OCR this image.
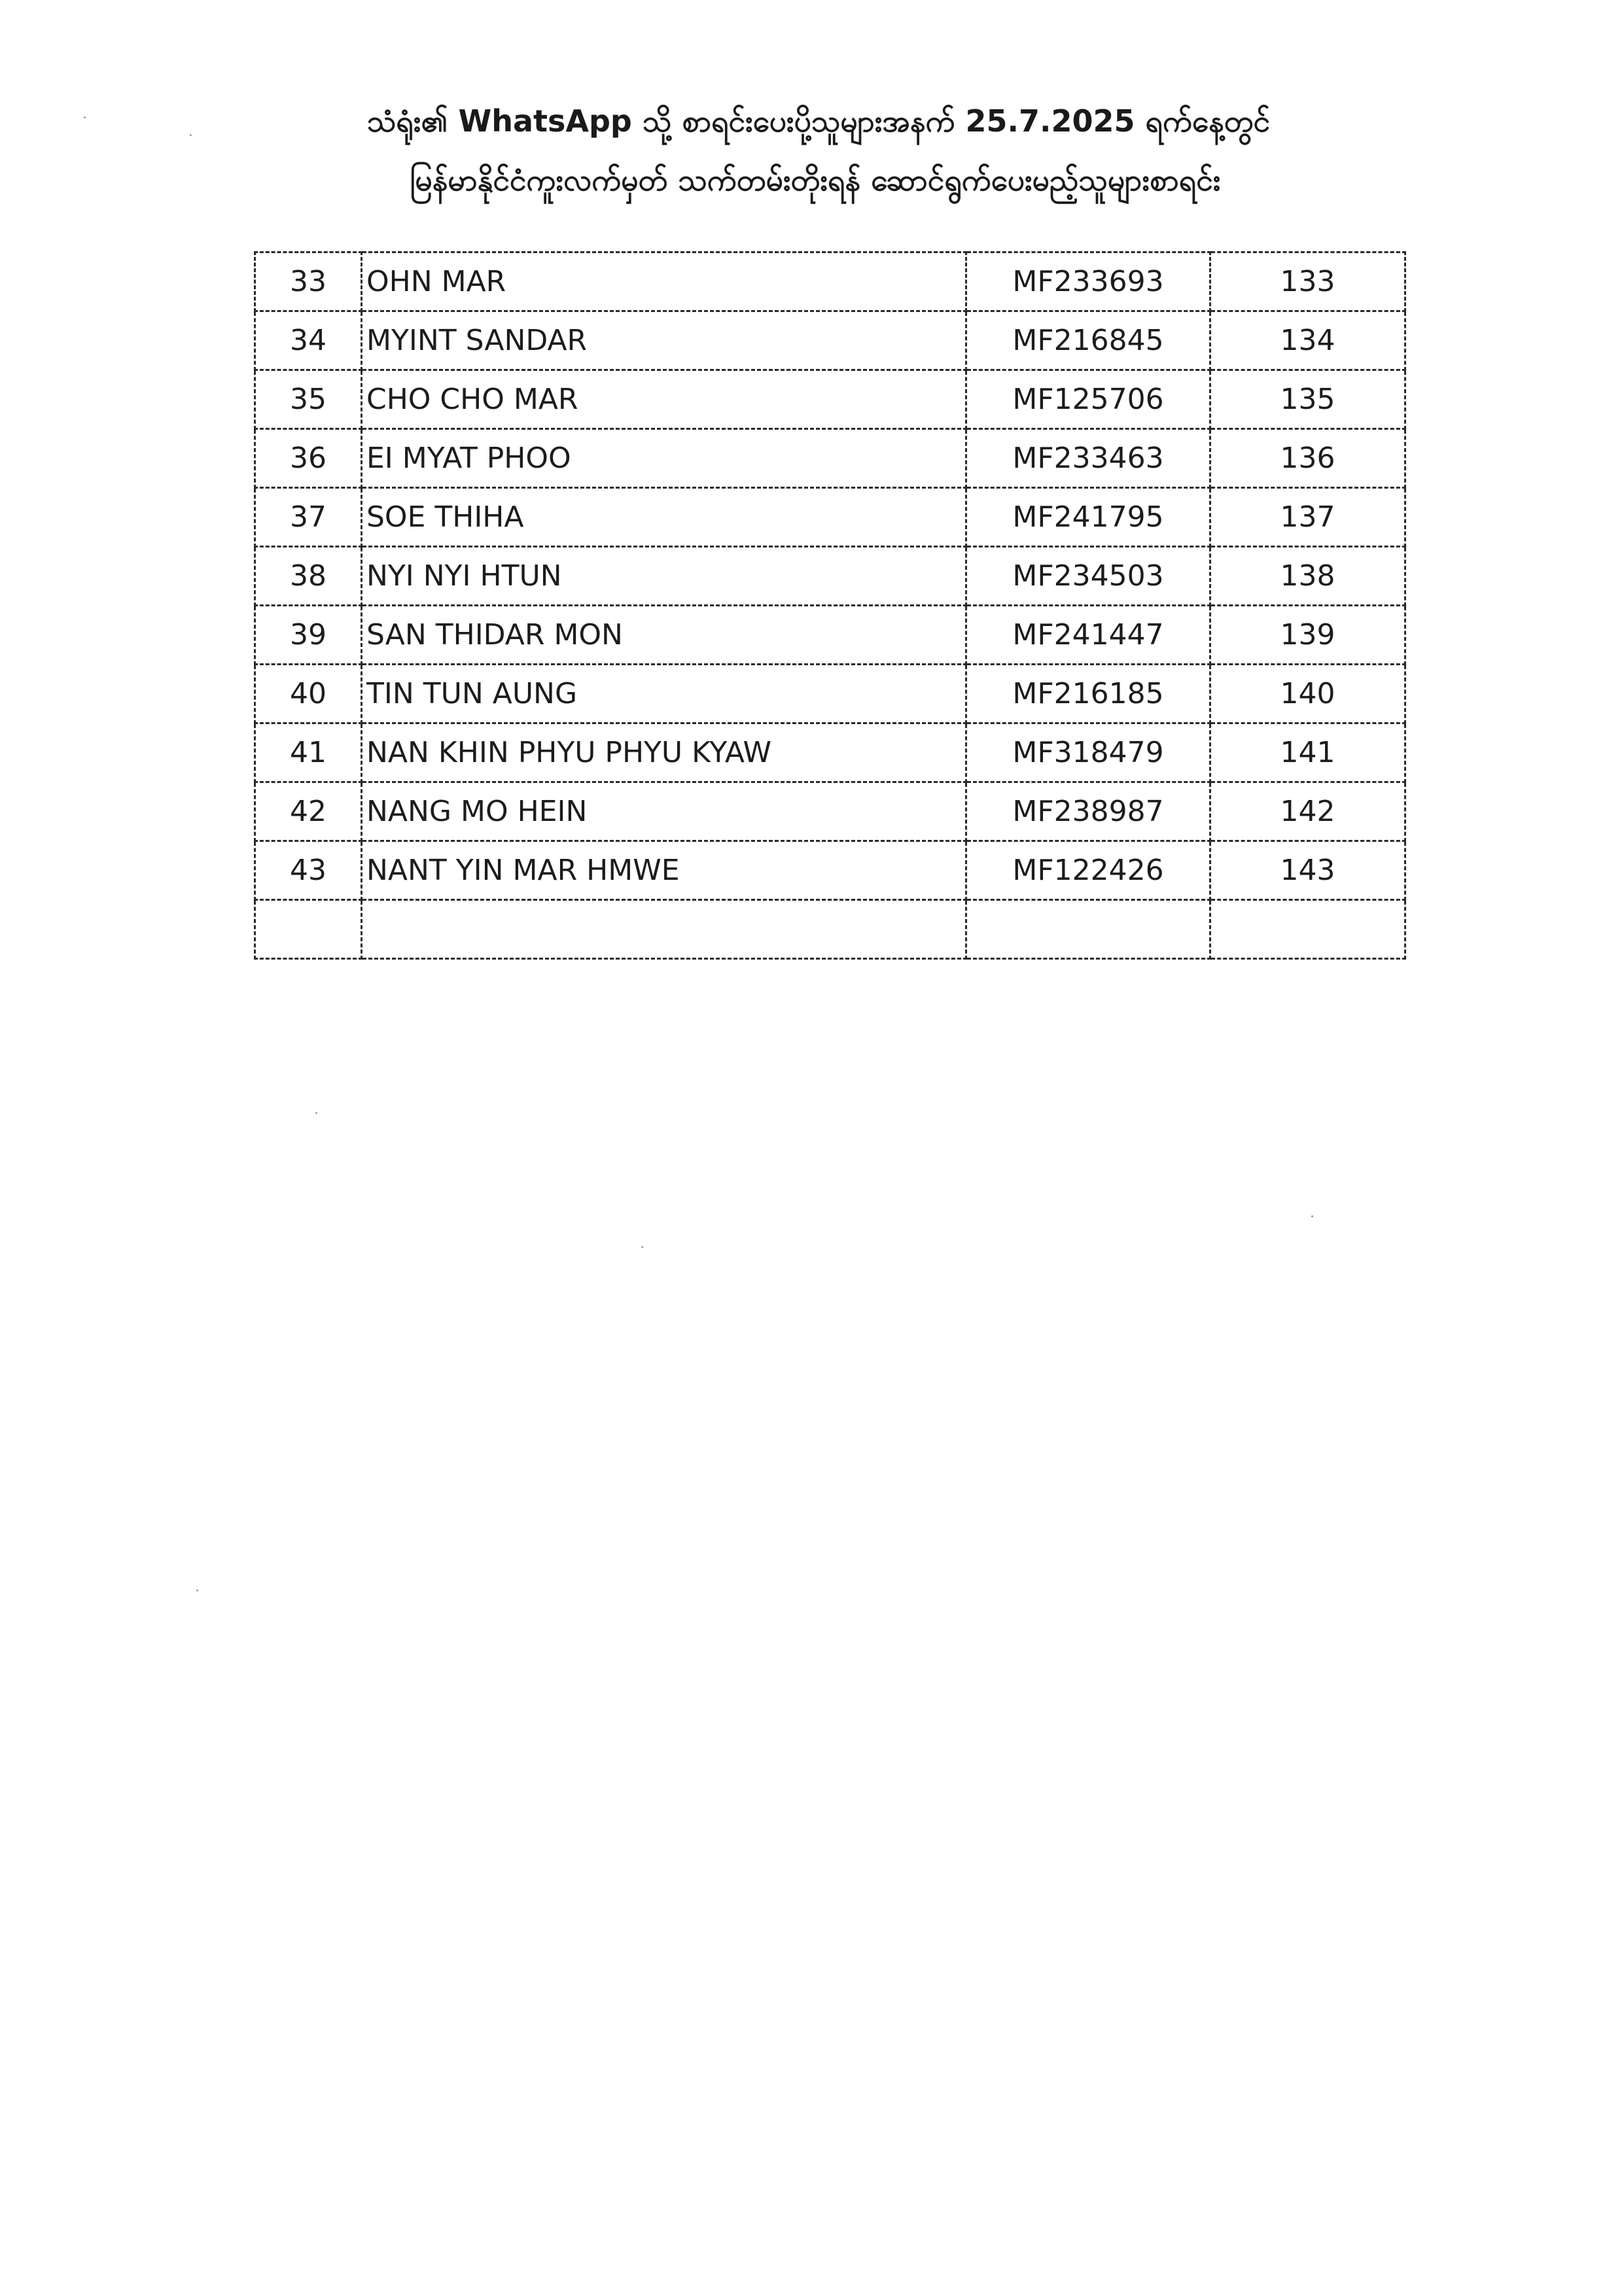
သံရုံး၏ WhatsApp သို့ စာရင်းပေးပို့သူများအနက် 25.7.2025 ရက်နေ့တွင်
မြန်မာနိုင်ငံကူးလက်မှတ် သက်တမ်းတိုးရန် ဆောင်ရွက်ပေးမည့်သူများစာရင်း
33	OHN MAR	MF233693	133
34	MYINT SANDAR	MF216845	134
35	CHO CHO MAR	MF125706	135
36	EI MYAT PHOO	MF233463	136
37	SOE THIHA	MF241795	137
38	NYI NYI HTUN	MF234503	138
39	SAN THIDAR MON	MF241447	139
40	TIN TUN AUNG	MF216185	140
41	NAN KHIN PHYU PHYU KYAW	MF318479	141
42	NANG MO HEIN	MF238987	142
43	NANT YIN MAR HMWE	MF122426	143
